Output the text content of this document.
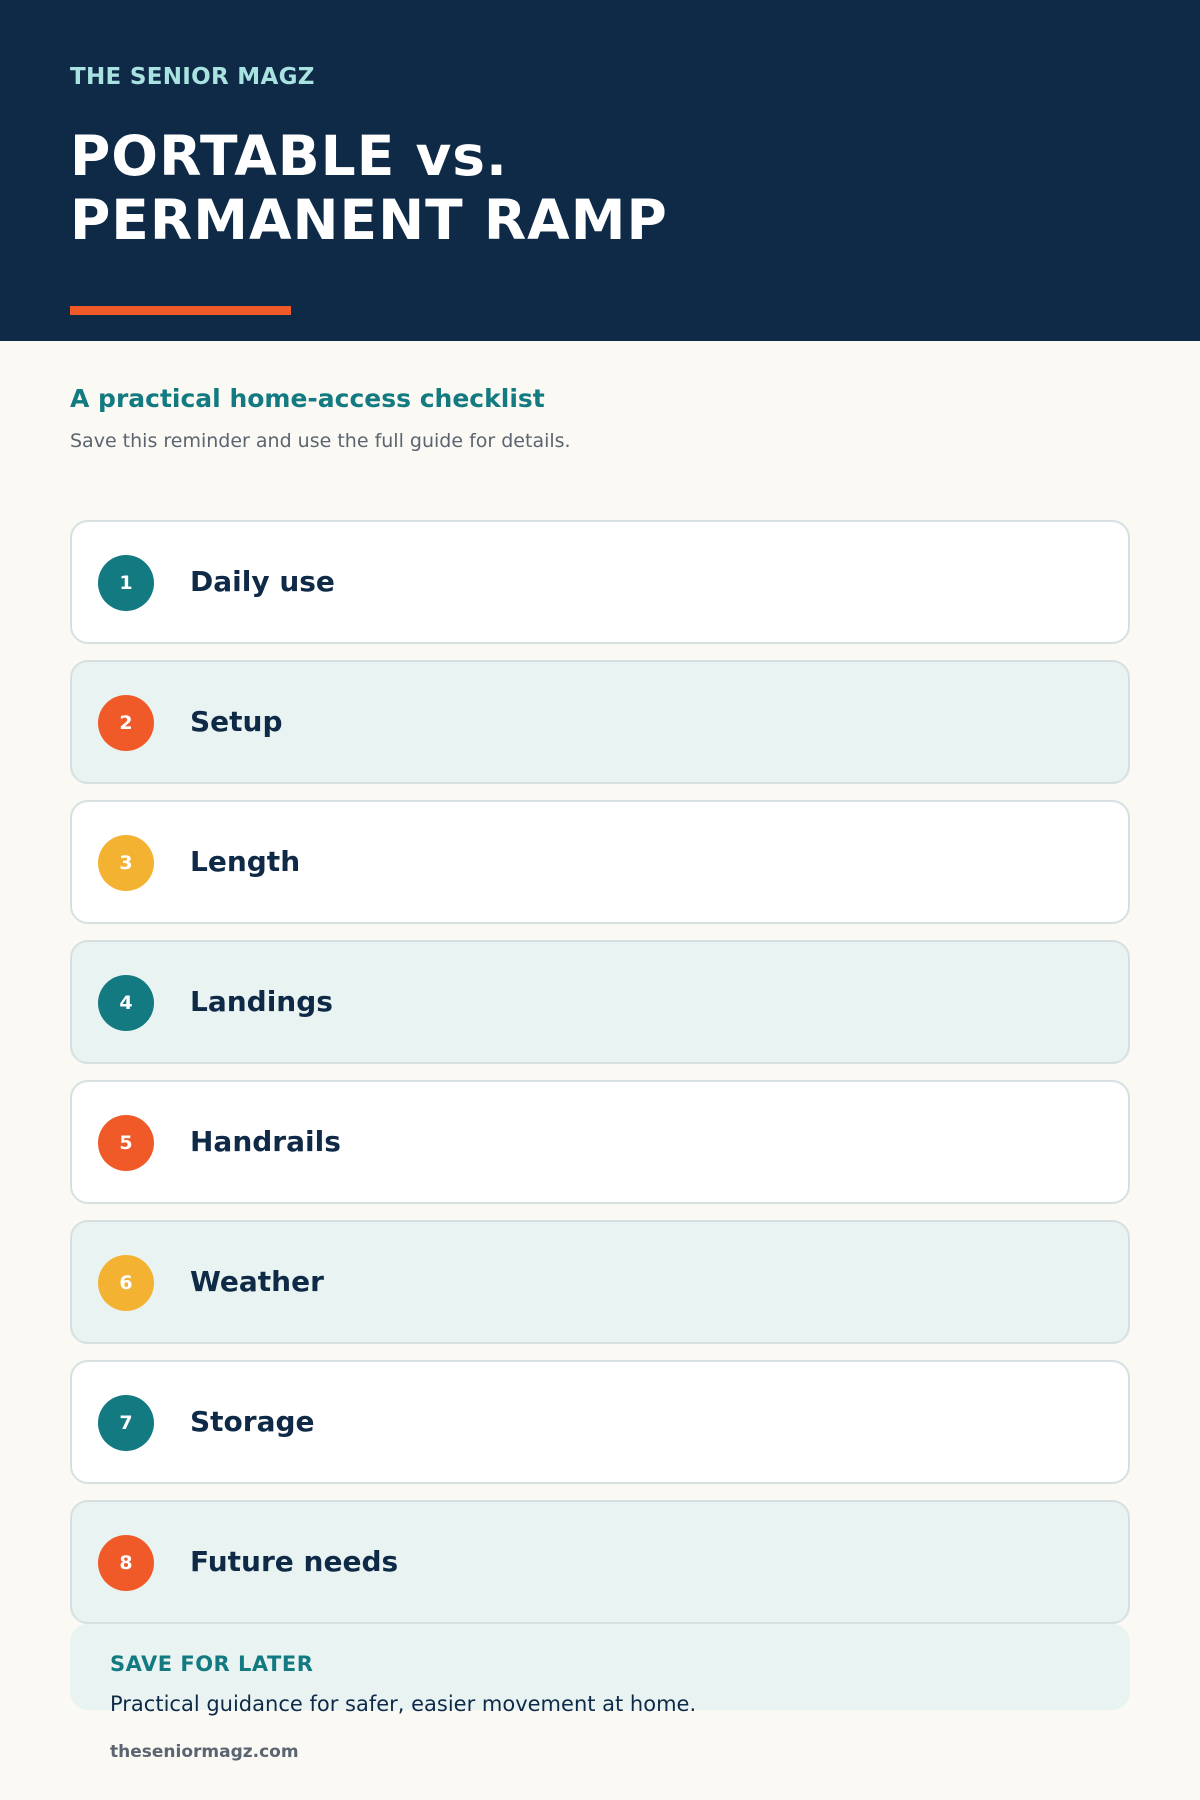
THE SENIOR MAGZ
PORTABLE vs.
PERMANENT RAMP
A practical home-access checklist
Save this reminder and use the full guide for details.
1	Daily use
2	Setup
3	Length
4	Landings
5	Handrails
6	Weather
7	Storage
8	Future needs
SAVE FOR LATER
Practical guidance for safer, easier movement at home.
theseniormagz.com
